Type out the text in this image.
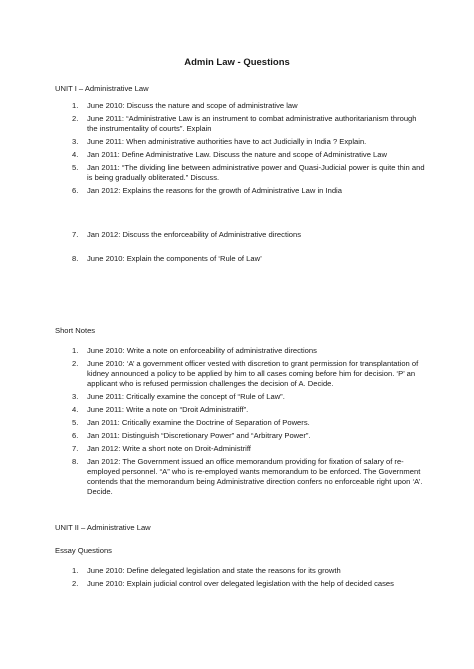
Admin Law - Questions
UNIT I – Administrative Law
1. June 2010: Discuss the nature and scope of administrative law
2. June 2011: “Administrative Law is an instrument to combat administrative authoritarianism through the instrumentality of courts”. Explain
3. June 2011: When administrative authorities have to act Judicially in India ? Explain.
4. Jan 2011: Define Administrative Law. Discuss the nature and scope of Administrative Law
5. Jan 2011: “The dividing line between administrative power and Quasi-Judicial power is quite thin and is being gradually obliterated.” Discuss.
6. Jan 2012: Explains the reasons for the growth of Administrative Law in India
7. Jan 2012: Discuss the enforceability of Administrative directions
8. June 2010: Explain the components of ‘Rule of Law’
Short Notes
1. June 2010: Write a note on enforceability of administrative directions
2. June 2010: ‘A’ a government officer vested with discretion to grant permission for transplantation of kidney announced a policy to be applied by him to all cases coming before him for decision. ‘P’ an applicant who is refused permission challenges the decision of A. Decide.
3. June 2011: Critically examine the concept of “Rule of Law”.
4. June 2011: Write a note on “Droit Administratiff”.
5. Jan 2011: Critically examine the Doctrine of Separation of Powers.
6. Jan 2011: Distinguish “Discretionary Power” and “Arbitrary Power”.
7. Jan 2012: Write a short note on Droit-Administriff
8. Jan 2012: The Government issued an office memorandum providing for fixation of salary of re-employed personnel. “A” who is re-employed wants memorandum to be enforced. The Government contends that the memorandum being Administrative direction confers no enforceable right upon ‘A’. Decide.
UNIT II – Administrative Law
Essay Questions
1. June 2010: Define delegated legislation and state the reasons for its growth
2. June 2010: Explain judicial control over delegated legislation with the help of decided cases
